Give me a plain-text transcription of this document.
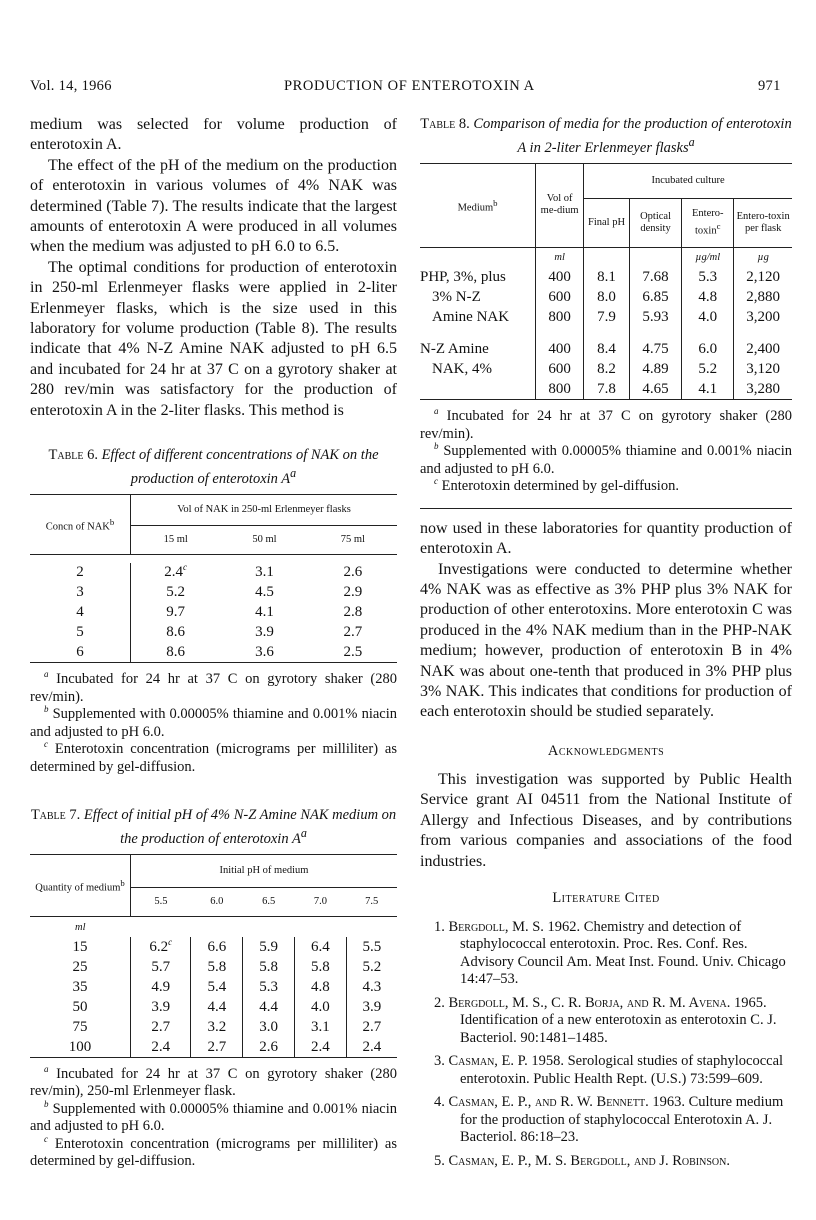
Vol. 14, 1966	PRODUCTION OF ENTEROTOXIN A	971

medium was selected for volume production of enterotoxin A.

The effect of the pH of the medium on the production of enterotoxin in various volumes of 4% NAK was determined (Table 7). The results indicate that the largest amounts of enterotoxin A were produced in all volumes when the medium was adjusted to pH 6.0 to 6.5.

The optimal conditions for production of enterotoxin in 250-ml Erlenmeyer flasks were applied in 2-liter Erlenmeyer flasks, which is the size used in this laboratory for volume production (Table 8). The results indicate that 4% N-Z Amine NAK adjusted to pH 6.5 and incubated for 24 hr at 37 C on a gyrotory shaker at 280 rev/min was satisfactory for the production of enterotoxin A in the 2-liter flasks. This method is

Table 6. Effect of different concentrations of NAK on the production of enterotoxin $A^a$

Concn of NAK$^b$	Vol of NAK in 250-ml Erlenmeyer flasks		
	15 ml	50 ml	75 ml

2	2.4$^c$	3.1	2.6
3	5.2	4.5	2.9
4	9.7	4.1	2.8
5	8.6	3.9	2.7
6	8.6	3.6	2.5

$^a$ Incubated for 24 hr at 37 C on gyrotory shaker (280 rev/min).

$^b$ Supplemented with 0.00005% thiamine and 0.001% niacin and adjusted to pH 6.0.

$^c$ Enterotoxin concentration (micrograms per milliliter) as determined by gel-diffusion.

Table 7. Effect of initial pH of 4% N-Z Amine NAK medium on the production of enterotoxin $A^a$

Quantity of medium$^b$	Initial pH of medium				
	5.5	6.0	6.5	7.0	7.5
ml					
15	6.2$^c$	6.6	5.9	6.4	5.5
25	5.7	5.8	5.8	5.8	5.2
35	4.9	5.4	5.3	4.8	4.3
50	3.9	4.4	4.4	4.0	3.9
75	2.7	3.2	3.0	3.1	2.7
100	2.4	2.7	2.6	2.4	2.4

$^a$ Incubated for 24 hr at 37 C on gyrotory shaker (280 rev/min), 250-ml Erlenmeyer flask.

$^b$ Supplemented with 0.00005% thiamine and 0.001% niacin and adjusted to pH 6.0.

$^c$ Enterotoxin concentration (micrograms per milliliter) as determined by gel-diffusion.

Table 8. Comparison of media for the production of enterotoxin A in 2-liter Erlenmeyer flasks$^a$

Medium$^b$	Vol of me-dium	Incubated culture			
		Final pH	Optical density	Entero-toxin$^c$	Entero-toxin per flask
	ml			µg/ml	µg
PHP, 3%, plus	400	8.1	7.68	5.3	2,120
3% N-Z	600	8.0	6.85	4.8	2,880
Amine NAK	800	7.9	5.93	4.0	3,200

N-Z Amine	400	8.4	4.75	6.0	2,400
NAK, 4%	600	8.2	4.89	5.2	3,120
	800	7.8	4.65	4.1	3,280

$^a$ Incubated for 24 hr at 37 C on gyrotory shaker (280 rev/min).

$^b$ Supplemented with 0.00005% thiamine and 0.001% niacin and adjusted to pH 6.0.

$^c$ Enterotoxin determined by gel-diffusion.

now used in these laboratories for quantity production of enterotoxin A.

Investigations were conducted to determine whether 4% NAK was as effective as 3% PHP plus 3% NAK for production of other enterotoxins. More enterotoxin C was produced in the 4% NAK medium than in the PHP-NAK medium; however, production of enterotoxin B in 4% NAK was about one-tenth that produced in 3% PHP plus 3% NAK. This indicates that conditions for production of each enterotoxin should be studied separately.

Acknowledgments

This investigation was supported by Public Health Service grant AI 04511 from the National Institute of Allergy and Infectious Diseases, and by contributions from various companies and associations of the food industries.

Literature Cited

1. Bergdoll, M. S. 1962. Chemistry and detection of staphylococcal enterotoxin. Proc. Res. Conf. Res. Advisory Council Am. Meat Inst. Found. Univ. Chicago 14:47–53.

2. Bergdoll, M. S., C. R. Borja, and R. M. Avena. 1965. Identification of a new enterotoxin as enterotoxin C. J. Bacteriol. 90:1481–1485.

3. Casman, E. P. 1958. Serological studies of staphylococcal enterotoxin. Public Health Rept. (U.S.) 73:599–609.

4. Casman, E. P., and R. W. Bennett. 1963. Culture medium for the production of staphylococcal Enterotoxin A. J. Bacteriol. 86:18–23.

5. Casman, E. P., M. S. Bergdoll, and J. Robinson.
